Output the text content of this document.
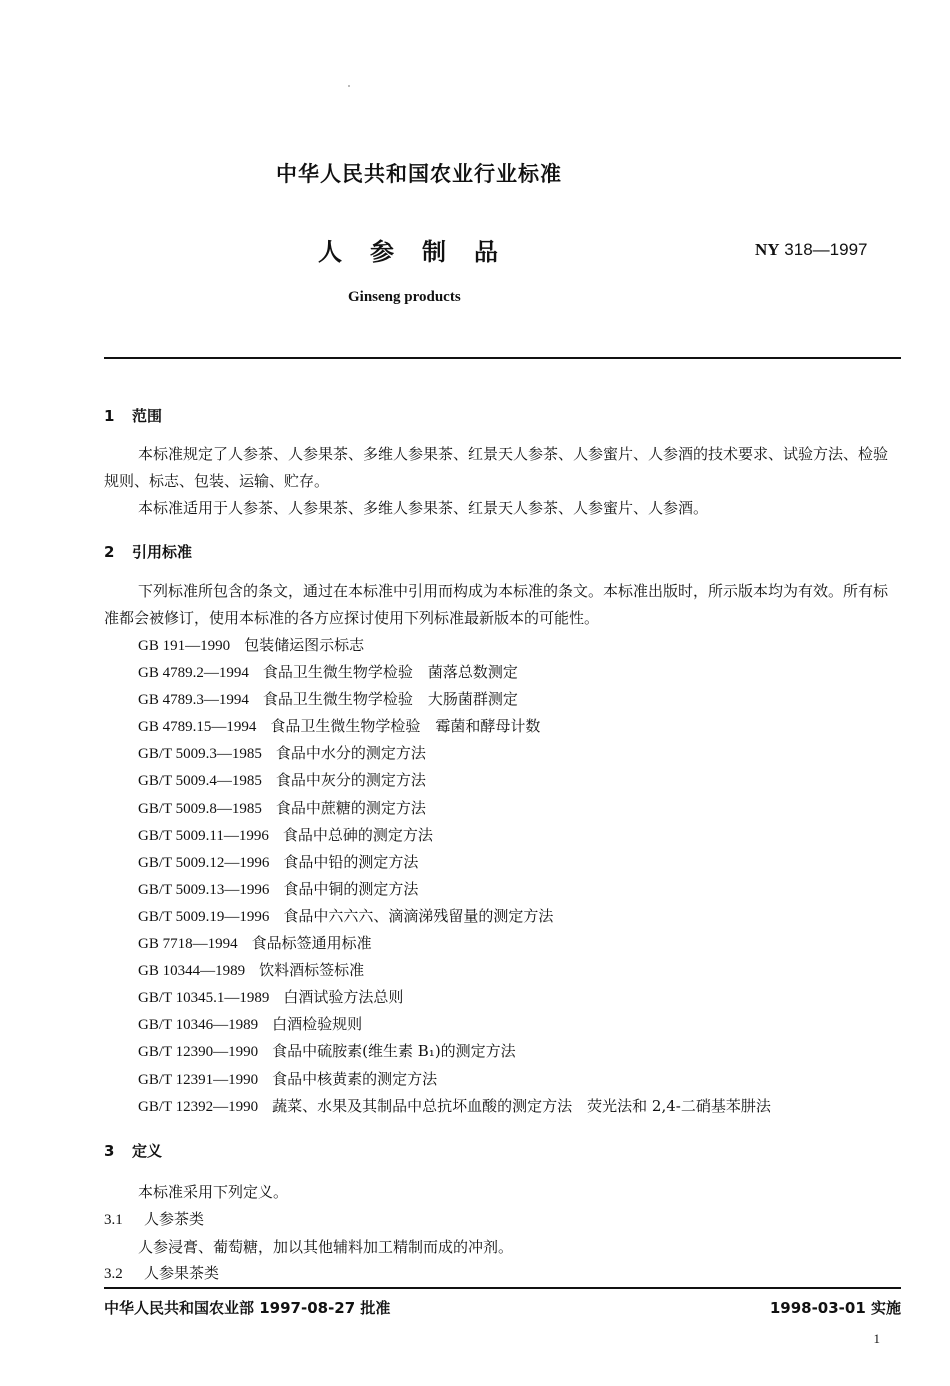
中华人民共和国农业行业标准
人参制品	NY 318—1997
Ginseng products
1 范围
本标准规定了人参茶、人参果茶、多维人参果茶、红景天人参茶、人参蜜片、人参酒的技术要求、试验方法、检验规则、标志、包装、运输、贮存。
本标准适用于人参茶、人参果茶、多维人参果茶、红景天人参茶、人参蜜片、人参酒。
2 引用标准
下列标准所包含的条文，通过在本标准中引用而构成为本标准的条文。本标准出版时，所示版本均为有效。所有标准都会被修订，使用本标准的各方应探讨使用下列标准最新版本的可能性。
GB 191—1990 包装储运图示标志
GB 4789.2—1994 食品卫生微生物学检验　菌落总数测定
GB 4789.3—1994 食品卫生微生物学检验　大肠菌群测定
GB 4789.15—1994 食品卫生微生物学检验　霉菌和酵母计数
GB/T 5009.3—1985 食品中水分的测定方法
GB/T 5009.4—1985 食品中灰分的测定方法
GB/T 5009.8—1985 食品中蔗糖的测定方法
GB/T 5009.11—1996 食品中总砷的测定方法
GB/T 5009.12—1996 食品中铅的测定方法
GB/T 5009.13—1996 食品中铜的测定方法
GB/T 5009.19—1996 食品中六六六、滴滴涕残留量的测定方法
GB 7718—1994 食品标签通用标准
GB 10344—1989 饮料酒标签标准
GB/T 10345.1—1989 白酒试验方法总则
GB/T 10346—1989 白酒检验规则
GB/T 12390—1990 食品中硫胺素(维生素 B₁)的测定方法
GB/T 12391—1990 食品中核黄素的测定方法
GB/T 12392—1990 蔬菜、水果及其制品中总抗坏血酸的测定方法　荧光法和 2,4-二硝基苯肼法
3 定义
本标准采用下列定义。
3.1 人参茶类
人参浸膏、葡萄糖，加以其他辅料加工精制而成的冲剂。
3.2 人参果茶类
中华人民共和国农业部 1997-08-27 批准	1998-03-01 实施
1
